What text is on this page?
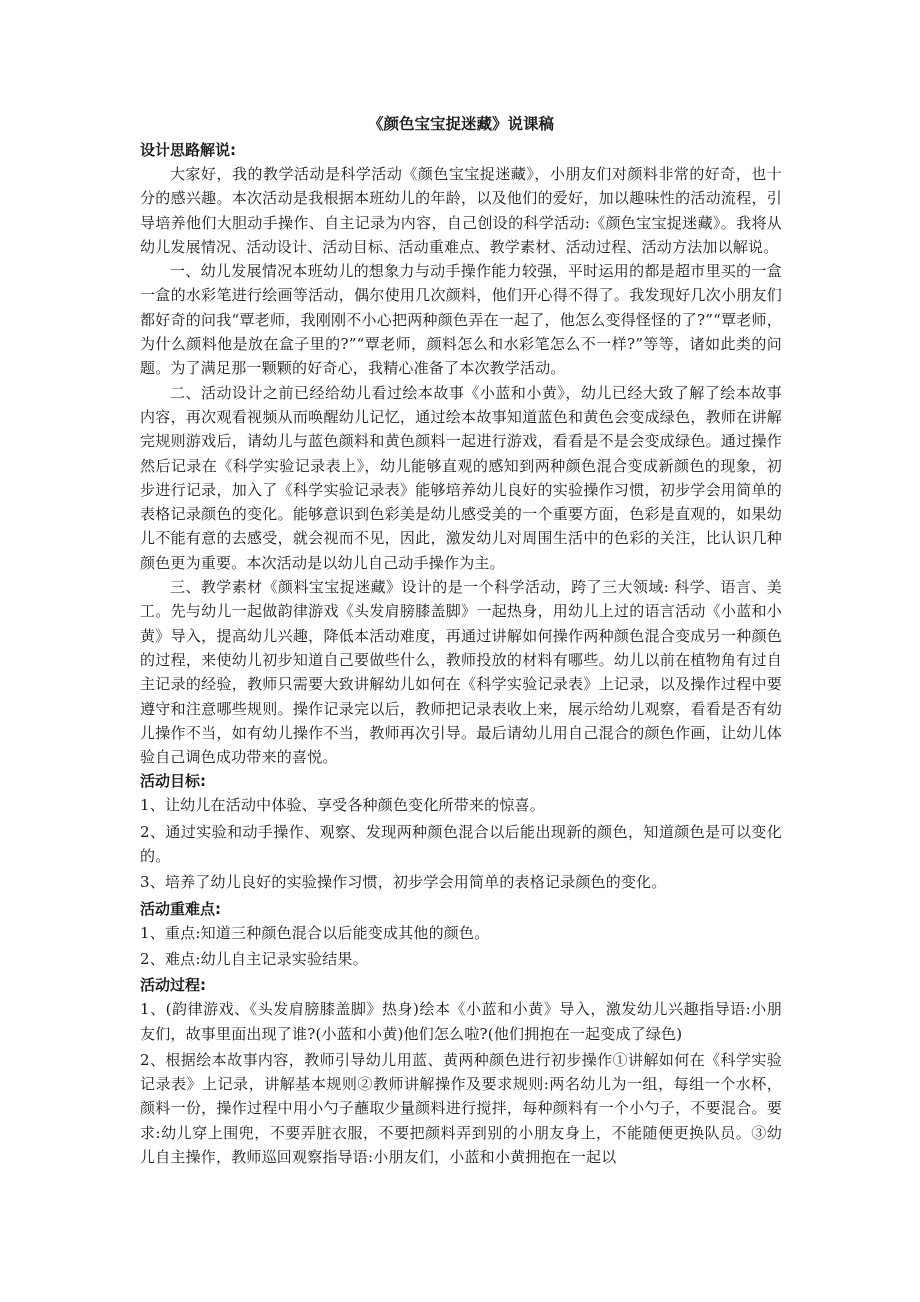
《颜色宝宝捉迷藏》说课稿
设计思路解说:

大家好，我的教学活动是科学活动《颜色宝宝捉迷藏》，小朋友们对颜料非常的好奇，也十分的感兴趣。本次活动是我根据本班幼儿的年龄，以及他们的爱好，加以趣味性的活动流程，引导培养他们大胆动手操作、自主记录为内容，自己创设的科学活动:《颜色宝宝捉迷藏》。我将从幼儿发展情况、活动设计、活动目标、活动重难点、教学素材、活动过程、活动方法加以解说。

一、幼儿发展情况本班幼儿的想象力与动手操作能力较强，平时运用的都是超市里买的一盒一盒的水彩笔进行绘画等活动，偶尔使用几次颜料，他们开心得不得了。我发现好几次小朋友们都好奇的问我“覃老师，我刚刚不小心把两种颜色弄在一起了，他怎么变得怪怪的了?”“覃老师，为什么颜料他是放在盒子里的?”“覃老师，颜料怎么和水彩笔怎么不一样?”等等，诸如此类的问题。为了满足那一颗颗的好奇心，我精心准备了本次教学活动。

二、活动设计之前已经给幼儿看过绘本故事《小蓝和小黄》，幼儿已经大致了解了绘本故事内容，再次观看视频从而唤醒幼儿记忆，通过绘本故事知道蓝色和黄色会变成绿色，教师在讲解完规则游戏后，请幼儿与蓝色颜料和黄色颜料一起进行游戏，看看是不是会变成绿色。通过操作然后记录在《科学实验记录表上》，幼儿能够直观的感知到两种颜色混合变成新颜色的现象，初步进行记录，加入了《科学实验记录表》能够培养幼儿良好的实验操作习惯，初步学会用简单的表格记录颜色的变化。能够意识到色彩美是幼儿感受美的一个重要方面，色彩是直观的，如果幼儿不能有意的去感受，就会视而不见，因此，激发幼儿对周围生活中的色彩的关注，比认识几种颜色更为重要。本次活动是以幼儿自己动手操作为主。

三、教学素材《颜料宝宝捉迷藏》设计的是一个科学活动，跨了三大领域: 科学、语言、美工。先与幼儿一起做韵律游戏《头发肩膀膝盖脚》一起热身，用幼儿上过的语言活动《小蓝和小黄》导入，提高幼儿兴趣，降低本活动难度，再通过讲解如何操作两种颜色混合变成另一种颜色的过程，来使幼儿初步知道自己要做些什么，教师投放的材料有哪些。幼儿以前在植物角有过自主记录的经验，教师只需要大致讲解幼儿如何在《科学实验记录表》上记录，以及操作过程中要遵守和注意哪些规则。操作记录完以后，教师把记录表收上来，展示给幼儿观察，看看是否有幼儿操作不当，如有幼儿操作不当，教师再次引导。最后请幼儿用自己混合的颜色作画，让幼儿体验自己调色成功带来的喜悦。

活动目标:

1、让幼儿在活动中体验、享受各种颜色变化所带来的惊喜。

2、通过实验和动手操作、观察、发现两种颜色混合以后能出现新的颜色，知道颜色是可以变化的。

3、培养了幼儿良好的实验操作习惯，初步学会用简单的表格记录颜色的变化。

活动重难点:

1、重点:知道三种颜色混合以后能变成其他的颜色。

2、难点:幼儿自主记录实验结果。

活动过程:

1、(韵律游戏、《头发肩膀膝盖脚》热身)绘本《小蓝和小黄》导入，激发幼儿兴趣指导语:小朋友们，故事里面出现了谁?(小蓝和小黄)他们怎么啦?(他们拥抱在一起变成了绿色)

2、根据绘本故事内容，教师引导幼儿用蓝、黄两种颜色进行初步操作①讲解如何在《科学实验记录表》上记录，讲解基本规则②教师讲解操作及要求规则:两名幼儿为一组，每组一个水杯，颜料一份，操作过程中用小勺子蘸取少量颜料进行搅拌，每种颜料有一个小勺子，不要混合。要求:幼儿穿上围兜，不要弄脏衣服，不要把颜料弄到别的小朋友身上，不能随便更换队员。③幼儿自主操作，教师巡回观察指导语:小朋友们，小蓝和小黄拥抱在一起以
